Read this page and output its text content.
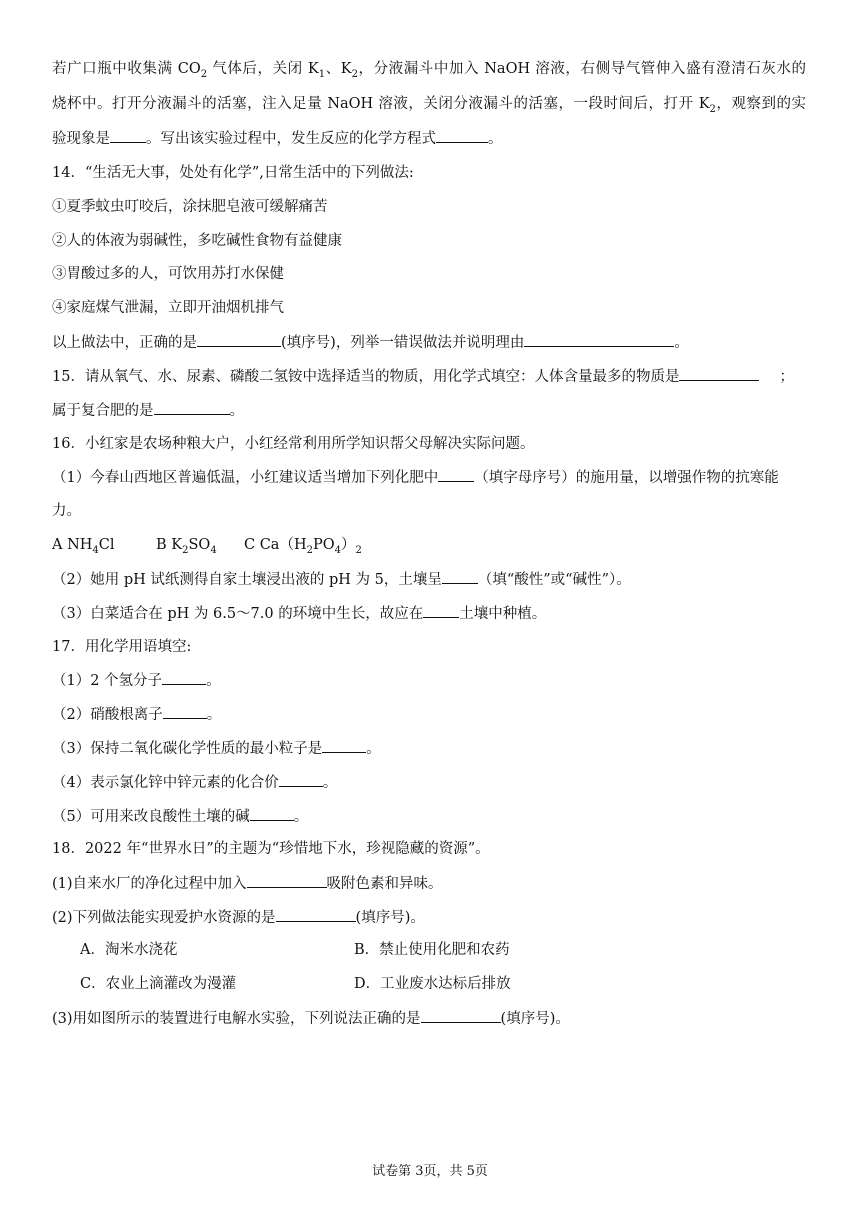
若广口瓶中收集满 $CO_2$ 气体后，关闭 $K_1$、$K_2$，分液漏斗中加入 NaOH 溶液，右侧导气管伸入盛有澄清石灰水的
烧杯中。打开分液漏斗的活塞，注入足量 NaOH 溶液，关闭分液漏斗的活塞，一段时间后，打开 $K_2$，观察到的实
验现象是 。写出该实验过程中，发生反应的化学方程式	。
14．“生活无大事，处处有化学”,日常生活中的下列做法:
①夏季蚊虫叮咬后，涂抹肥皂液可缓解痛苦
②人的体液为弱碱性，多吃碱性食物有益健康
③胃酸过多的人，可饮用苏打水保健
④家庭煤气泄漏，立即开油烟机排气
以上做法中，正确的是	(填序号)，列举一错误做法并说明理由	。
15．请从氧气、水、尿素、磷酸二氢铵中选择适当的物质，用化学式填空：人体含量最多的物质是	；
属于复合肥的是	。
16．小红家是农场种粮大户，小红经常利用所学知识帮父母解决实际问题。
（1）今春山西地区普遍低温，小红建议适当增加下列化肥中 （填字母序号）的施用量，以增强作物的抗寒能
力。
A $NH_4Cl$	B $K_2SO_4$ C $Ca(H_2PO_4)_2$
（2）她用 pH 试纸测得自家土壤浸出液的 pH 为 5，土壤呈 （填“酸性”或“碱性”）。
（3）白菜适合在 pH 为 6.5～7.0 的环境中生长，故应在 土壤中种植。
17．用化学用语填空:
（1）2 个氢分子	。
（2）硝酸根离子	。
（3）保持二氧化碳化学性质的最小粒子是	。
（4）表示氯化锌中锌元素的化合价	。
（5）可用来改良酸性土壤的碱	。
18．2022 年“世界水日”的主题为“珍惜地下水，珍视隐藏的资源”。
(1)自来水厂的净化过程中加入	吸附色素和异味。
(2)下列做法能实现爱护水资源的是	(填序号)。
A．淘米水浇花	B．禁止使用化肥和农药
C．农业上滴灌改为漫灌	D．工业废水达标后排放
(3)用如图所示的装置进行电解水实验，下列说法正确的是	(填序号)。
试卷第 3页，共 5页
